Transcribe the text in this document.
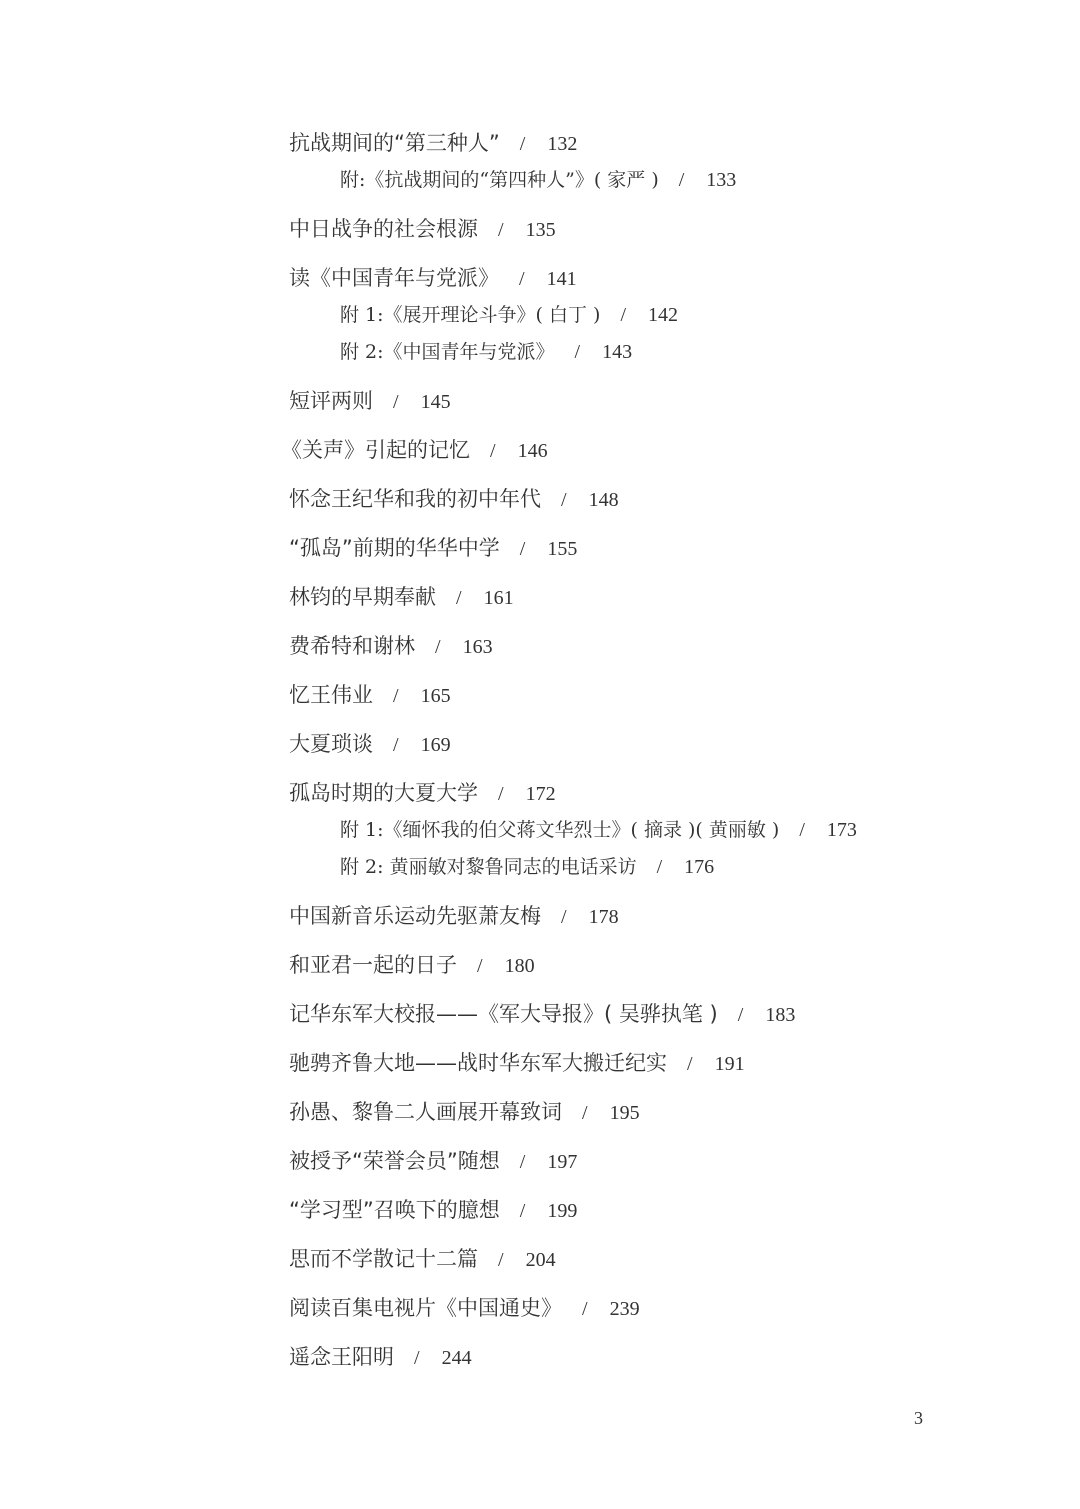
抗战期间的“第三种人” / 132
附:《抗战期间的“第四种人”》( 家严 ) / 133
中日战争的社会根源 / 135
读《中国青年与党派》 / 141
附 1:《展开理论斗争》( 白丁 ) / 142
附 2:《中国青年与党派》 / 143
短评两则 / 145
《关声》引起的记忆 / 146
怀念王纪华和我的初中年代 / 148
“孤岛”前期的华华中学 / 155
林钧的早期奉献 / 161
费希特和谢林 / 163
忆王伟业 / 165
大夏琐谈 / 169
孤岛时期的大夏大学 / 172
附 1:《缅怀我的伯父蒋文华烈士》( 摘录 )( 黄丽敏 ) / 173
附 2: 黄丽敏对黎鲁同志的电话采访 / 176
中国新音乐运动先驱萧友梅 / 178
和亚君一起的日子 / 180
记华东军大校报——《军大导报》( 吴骅执笔 ) / 183
驰骋齐鲁大地——战时华东军大搬迁纪实 / 191
孙愚、黎鲁二人画展开幕致词 / 195
被授予“荣誉会员”随想 / 197
“学习型”召唤下的臆想 / 199
思而不学散记十二篇 / 204
阅读百集电视片《中国通史》 / 239
遥念王阳明 / 244
3
